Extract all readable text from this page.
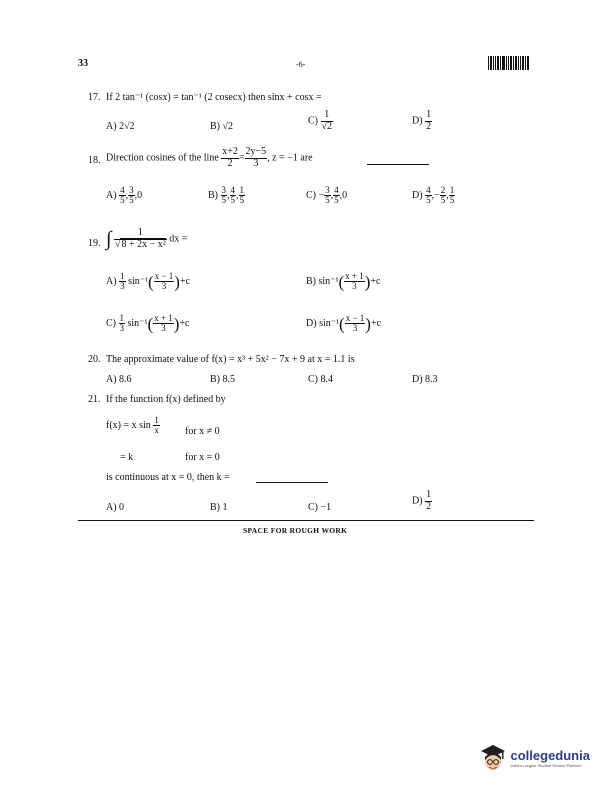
33	-6-
17. If 2 tan⁻¹ (cosx) = tan⁻¹ (2 cosecx) then sinx + cosx =
A) 2√2	B) √2
$C) \frac{1}{√2}$	$D) \frac{1}{2}$
18. Direction cosines of the line $\frac{x+2}{2} = \frac{2y-5}{3}$ , z = −1 are
$A) \frac{4}{5}$ , $\frac{3}{5} ,0$	$B) \frac{3}{5}$ , $\frac{4}{5}$ , $\frac{1}{5}$	$C) - \frac{3}{5}$ , $\frac{4}{5} ,0$	$D) \frac{4}{5}$ ,− $\frac{2}{5}$ , $\frac{1}{5}$
19. ∫ $\frac{1}{\text{√8 + 2x − x²}}$ dx =
$A) \frac{1}{3} \sin^{-1}( \frac{x - 1}{3} )+c$	B) $\sin^{-1}( \frac{x + 1}{3} )+c$
$C) \frac{1}{3} \sin^{-1}( \frac{x + 1}{3} )+c$	D) $\sin^{-1}( \frac{x - 1}{3} )+c$
20. The approximate value of f(x) = x³ + 5x² − 7x + 9 at x = 1.1 is
A) 8.6	B) 8.5	C) 8.4	D) 8.3
21. If the function f(x) defined by
f(x) = x $\sin \frac{1}{x}$	for x ≠ 0
= k	for x = 0
is continuous at x = 0, then k =
A) 0	B) 1	C) −1
$D) \frac{1}{2}$
SPACE FOR ROUGH WORK

collegedunia
India's Largest Student Review Platform
